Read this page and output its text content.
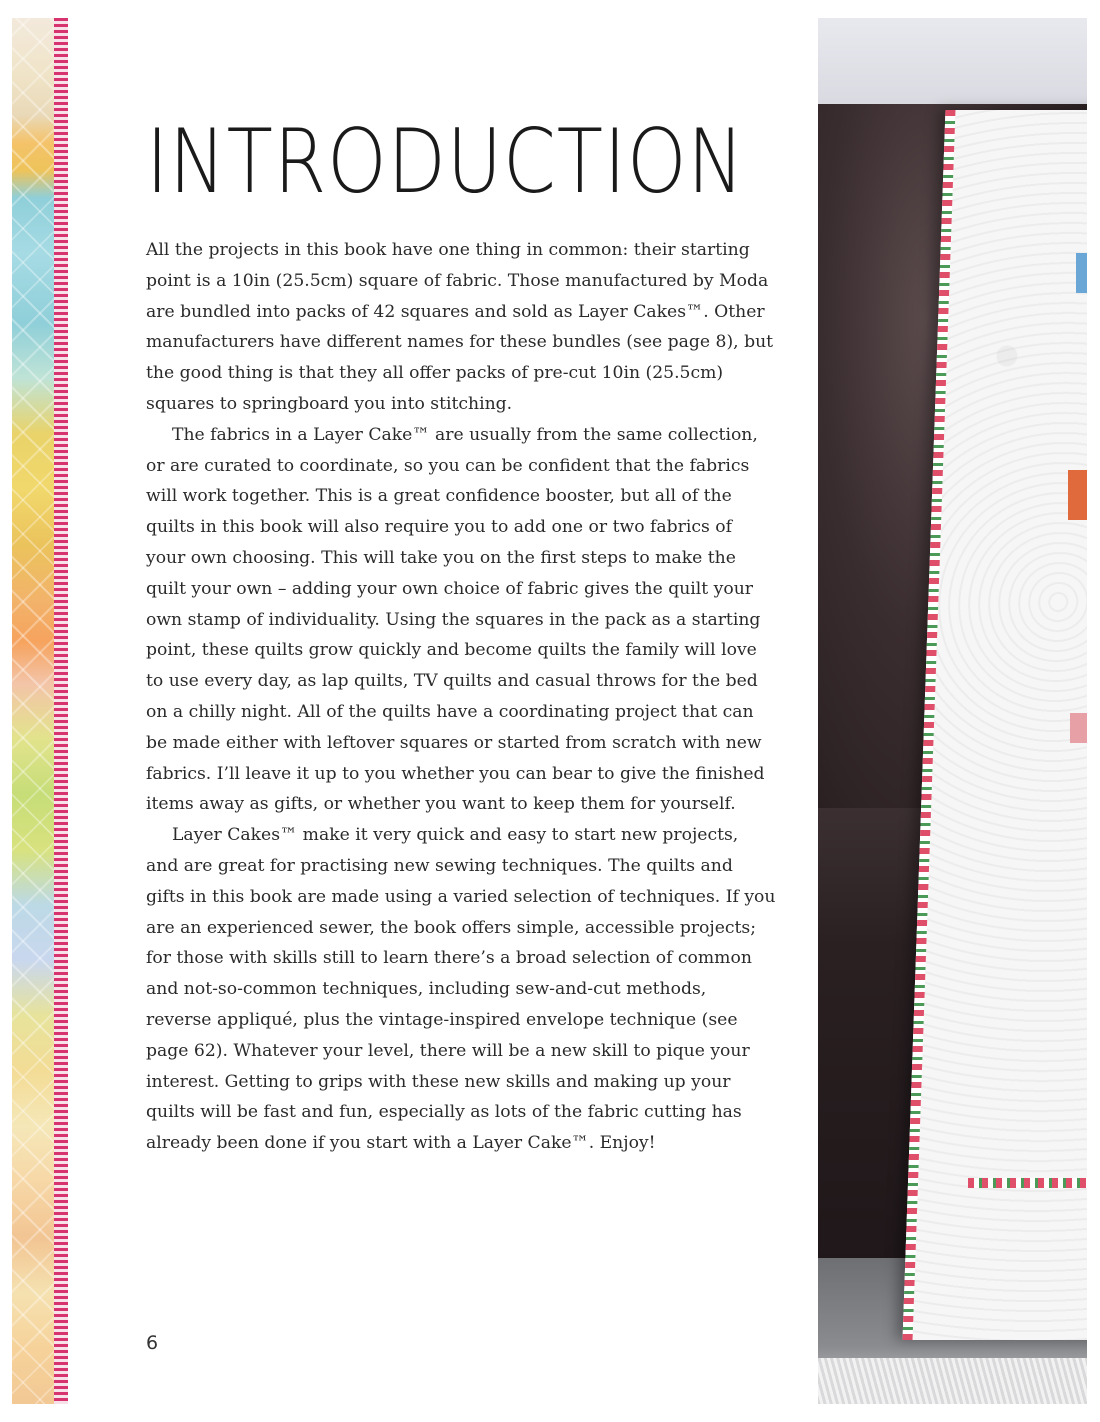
INTRODUCTION

All the projects in this book have one thing in common: their starting point is a 10in (25.5cm) square of fabric. Those manufactured by Moda are bundled into packs of 42 squares and sold as Layer Cakes™. Other manufacturers have different names for these bundles (see page 8), but the good thing is that they all offer packs of pre-cut 10in (25.5cm) squares to springboard you into stitching.

The fabrics in a Layer Cake™ are usually from the same collection, or are curated to coordinate, so you can be confident that the fabrics will work together. This is a great confidence booster, but all of the quilts in this book will also require you to add one or two fabrics of your own choosing. This will take you on the first steps to make the quilt your own – adding your own choice of fabric gives the quilt your own stamp of individuality. Using the squares in the pack as a starting point, these quilts grow quickly and become quilts the family will love to use every day, as lap quilts, TV quilts and casual throws for the bed on a chilly night. All of the quilts have a coordinating project that can be made either with leftover squares or started from scratch with new fabrics. I’ll leave it up to you whether you can bear to give the finished items away as gifts, or whether you want to keep them for yourself.

Layer Cakes™ make it very quick and easy to start new projects, and are great for practising new sewing techniques. The quilts and gifts in this book are made using a varied selection of techniques. If you are an experienced sewer, the book offers simple, accessible projects; for those with skills still to learn there’s a broad selection of common and not-so-common techniques, including sew-and-cut methods, reverse appliqué, plus the vintage-inspired envelope technique (see page 62). Whatever your level, there will be a new skill to pique your interest. Getting to grips with these new skills and making up your quilts will be fast and fun, especially as lots of the fabric cutting has already been done if you start with a Layer Cake™. Enjoy!

6
